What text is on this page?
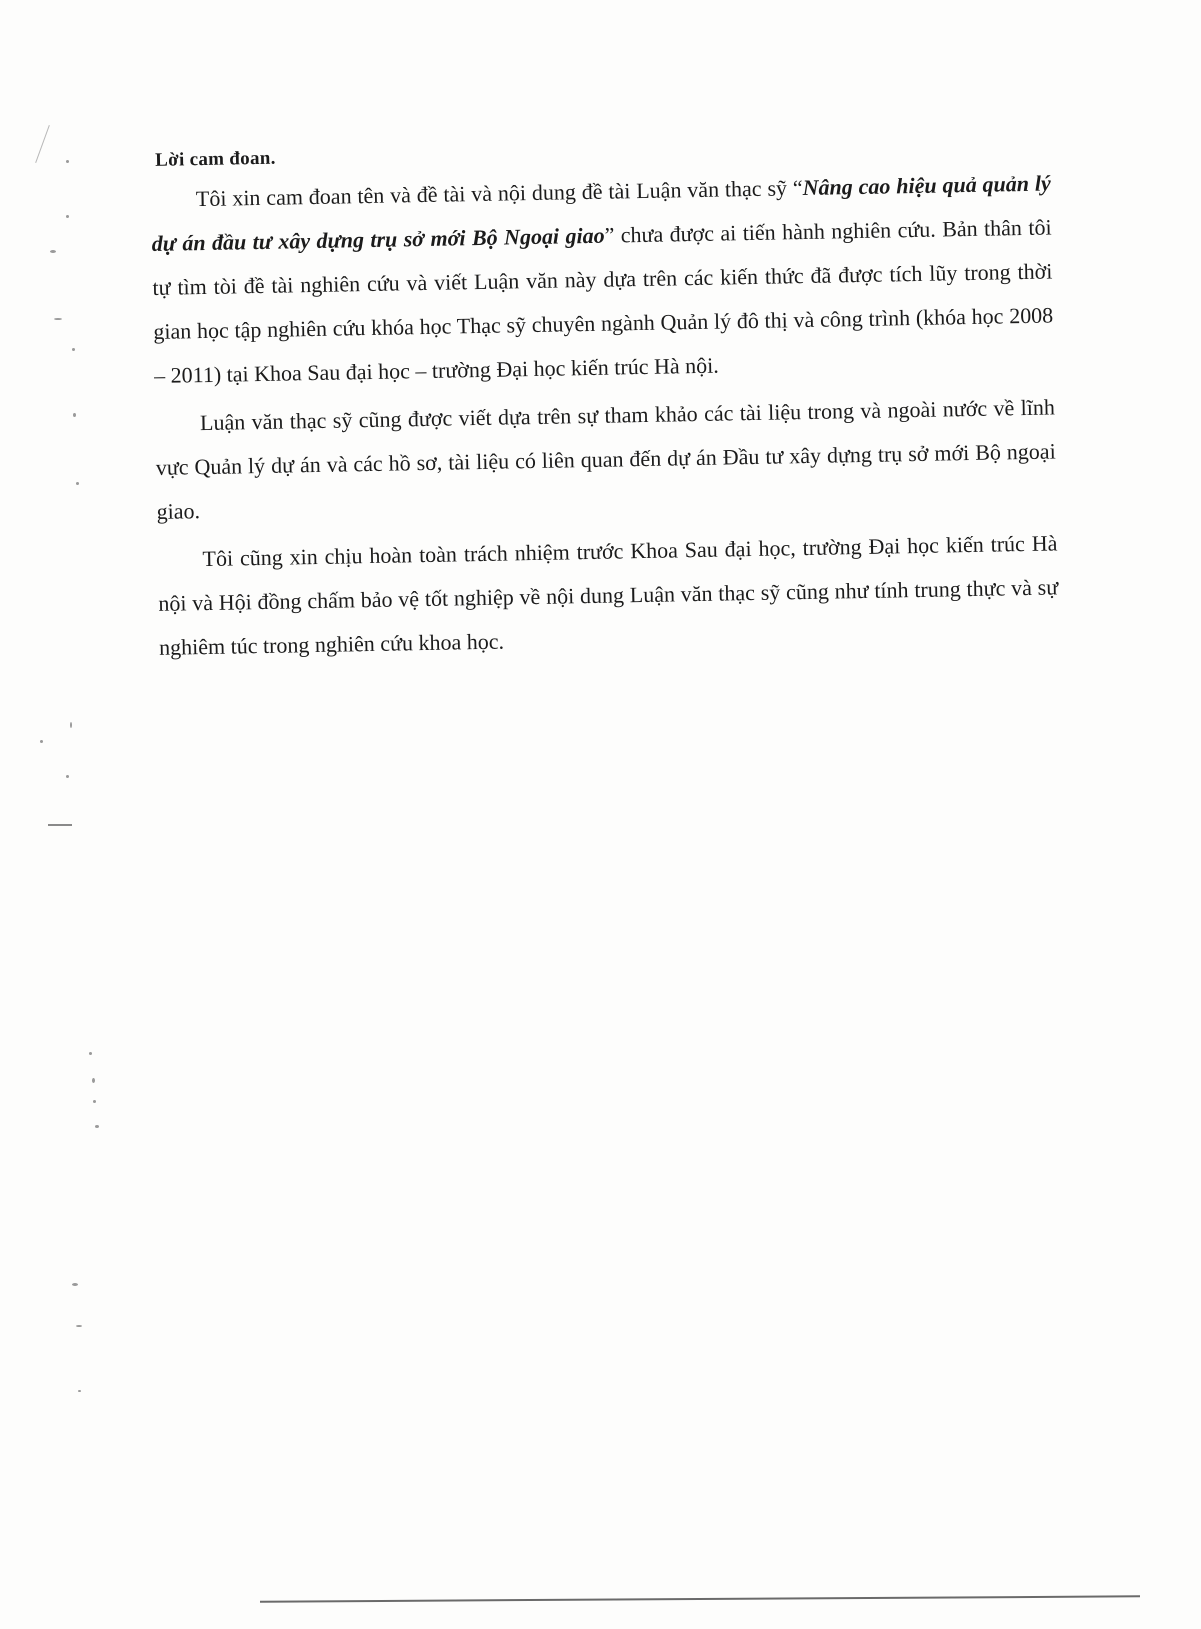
Lời cam đoan.

Tôi xin cam đoan tên và đề tài và nội dung đề tài Luận văn thạc sỹ “Nâng cao hiệu quả quản lý dự án đầu tư xây dựng trụ sở mới Bộ Ngoại giao” chưa được ai tiến hành nghiên cứu. Bản thân tôi tự tìm tòi đề tài nghiên cứu và viết Luận văn này dựa trên các kiến thức đã được tích lũy trong thời gian học tập nghiên cứu khóa học Thạc sỹ chuyên ngành Quản lý đô thị và công trình (khóa học 2008 – 2011) tại Khoa Sau đại học – trường Đại học kiến trúc Hà nội.

Luận văn thạc sỹ cũng được viết dựa trên sự tham khảo các tài liệu trong và ngoài nước về lĩnh vực Quản lý dự án và các hồ sơ, tài liệu có liên quan đến dự án Đầu tư xây dựng trụ sở mới Bộ ngoại giao.

Tôi cũng xin chịu hoàn toàn trách nhiệm trước Khoa Sau đại học, trường Đại học kiến trúc Hà nội và Hội đồng chấm bảo vệ tốt nghiệp về nội dung Luận văn thạc sỹ cũng như tính trung thực và sự nghiêm túc trong nghiên cứu khoa học.
